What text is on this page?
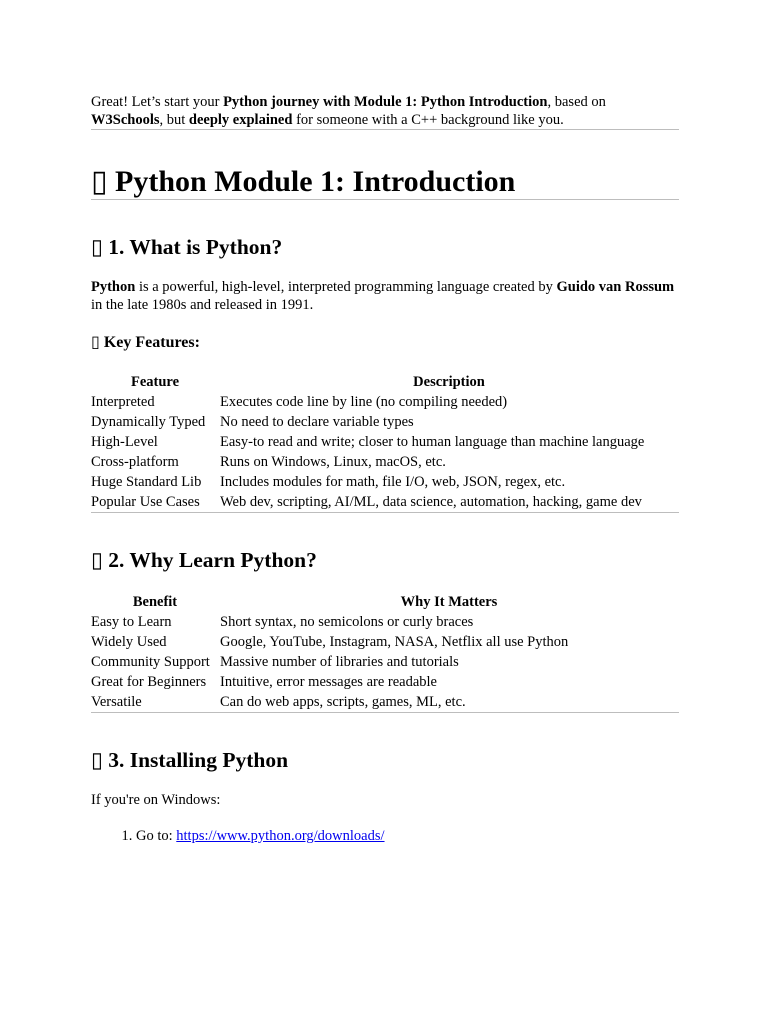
Great! Let’s start your Python journey with Module 1: Python Introduction, based on W3Schools, but deeply explained for someone with a C++ background like you.

▯ Python Module 1: Introduction
▯ 1. What is Python?

Python is a powerful, high-level, interpreted programming language created by Guido van Rossum in the late 1980s and released in 1991.

▯ Key Features:
Feature	Description
Interpreted	Executes code line by line (no compiling needed)
Dynamically Typed	No need to declare variable types
High-Level	Easy-to read and write; closer to human language than machine language
Cross-platform	Runs on Windows, Linux, macOS, etc.
Huge Standard Lib	Includes modules for math, file I/O, web, JSON, regex, etc.
Popular Use Cases	Web dev, scripting, AI/ML, data science, automation, hacking, game dev
▯ 2. Why Learn Python?
Benefit	Why It Matters
Easy to Learn	Short syntax, no semicolons or curly braces
Widely Used	Google, YouTube, Instagram, NASA, Netflix all use Python
Community Support	Massive number of libraries and tutorials
Great for Beginners	Intuitive, error messages are readable
Versatile	Can do web apps, scripts, games, ML, etc.
▯ 3. Installing Python

If you're on Windows:

1. Go to: https://www.python.org/downloads/
